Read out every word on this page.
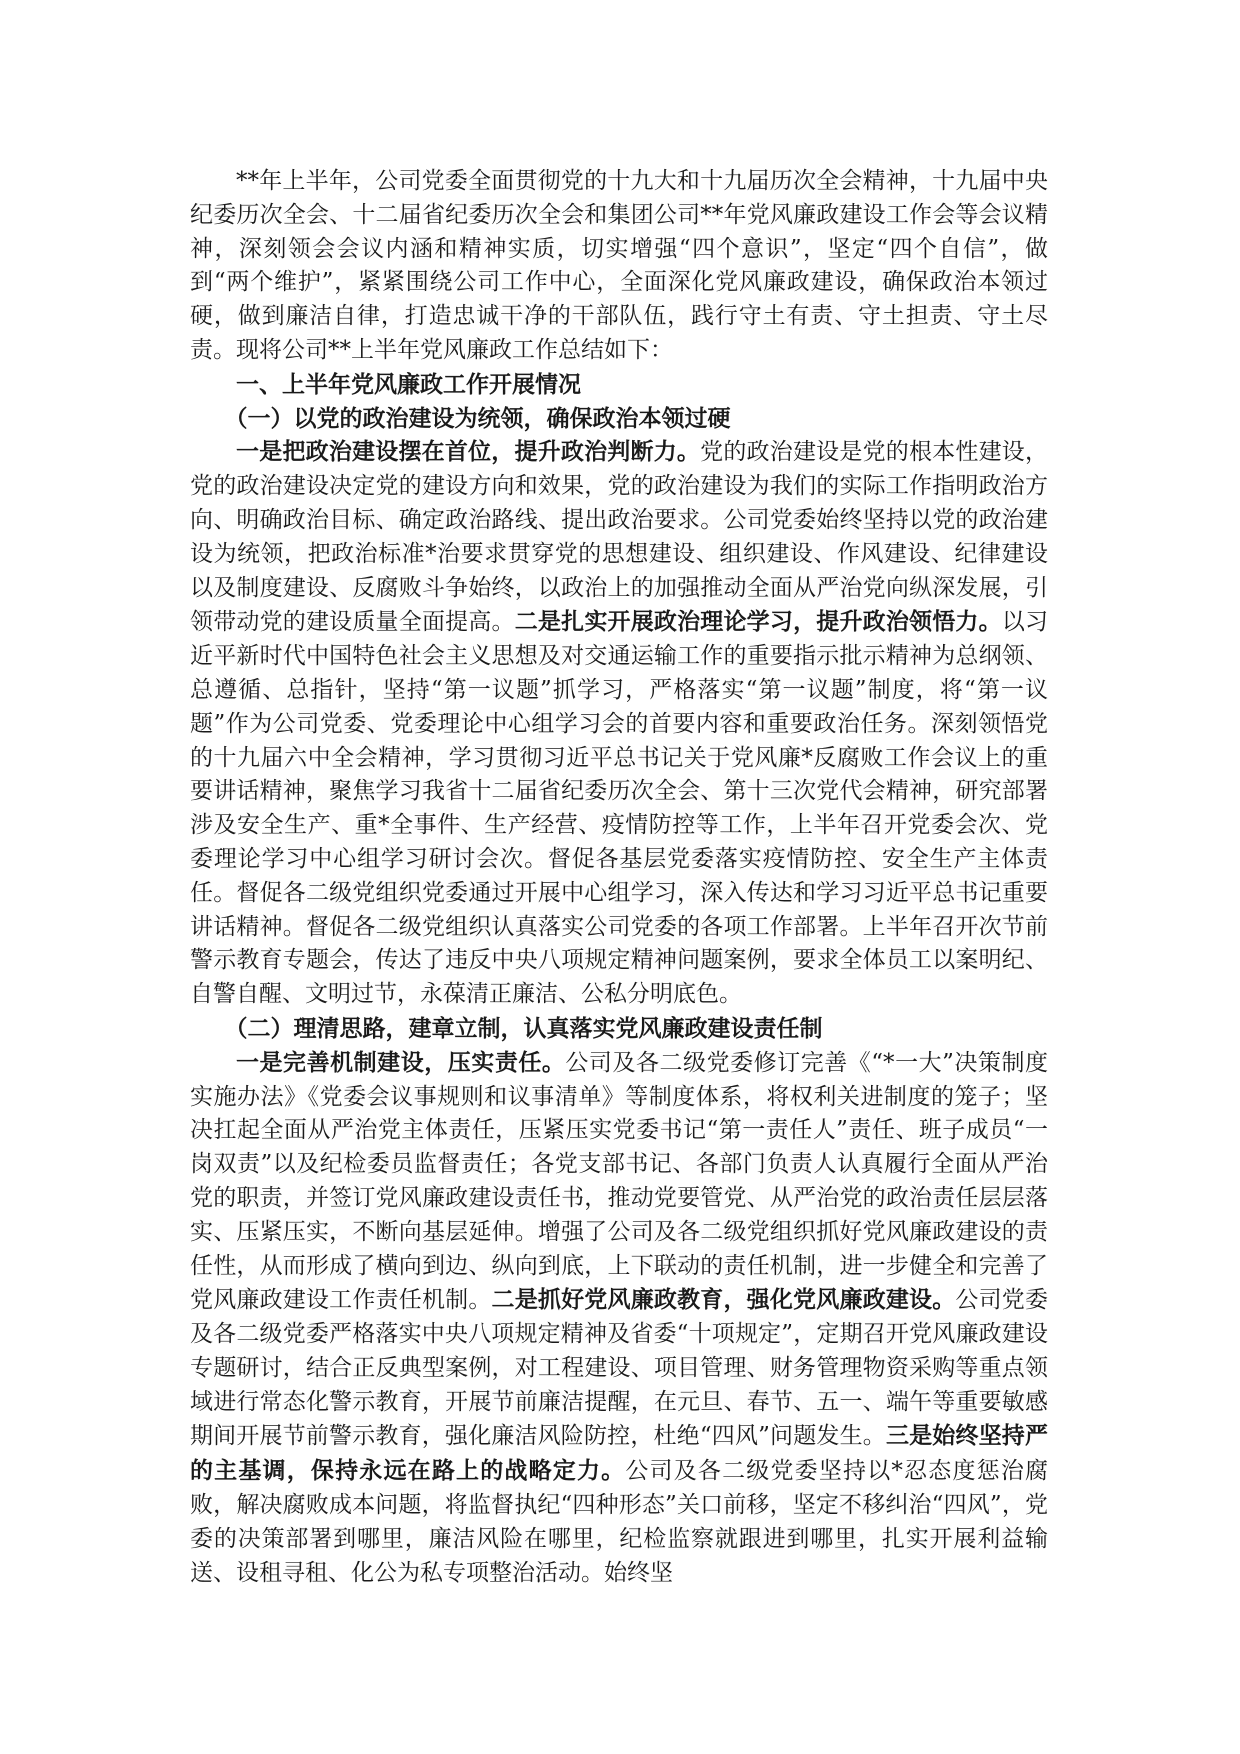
**年上半年，公司党委全面贯彻党的十九大和十九届历次全会精神，十九届中央纪委历次全会、十二届省纪委历次全会和集团公司**年党风廉政建设工作会等会议精神，深刻领会会议内涵和精神实质，切实增强“四个意识”，坚定“四个自信”，做到“两个维护”，紧紧围绕公司工作中心，全面深化党风廉政建设，确保政治本领过硬，做到廉洁自律，打造忠诚干净的干部队伍，践行守土有责、守土担责、守土尽责。现将公司**上半年党风廉政工作总结如下：

一、上半年党风廉政工作开展情况
（一）以党的政治建设为统领，确保政治本领过硬

一是把政治建设摆在首位，提升政治判断力。党的政治建设是党的根本性建设，党的政治建设决定党的建设方向和效果，党的政治建设为我们的实际工作指明政治方向、明确政治目标、确定政治路线、提出政治要求。公司党委始终坚持以党的政治建设为统领，把政治标准*治要求贯穿党的思想建设、组织建设、作风建设、纪律建设以及制度建设、反腐败斗争始终，以政治上的加强推动全面从严治党向纵深发展，引领带动党的建设质量全面提高。二是扎实开展政治理论学习，提升政治领悟力。以习近平新时代中国特色社会主义思想及对交通运输工作的重要指示批示精神为总纲领、总遵循、总指针，坚持“第一议题”抓学习，严格落实“第一议题”制度，将“第一议题”作为公司党委、党委理论中心组学习会的首要内容和重要政治任务。深刻领悟党的十九届六中全会精神，学习贯彻习近平总书记关于党风廉*反腐败工作会议上的重要讲话精神，聚焦学习我省十二届省纪委历次全会、第十三次党代会精神，研究部署涉及安全生产、重*全事件、生产经营、疫情防控等工作，上半年召开党委会次、党委理论学习中心组学习研讨会次。督促各基层党委落实疫情防控、安全生产主体责任。督促各二级党组织党委通过开展中心组学习，深入传达和学习习近平总书记重要讲话精神。督促各二级党组织认真落实公司党委的各项工作部署。上半年召开次节前警示教育专题会，传达了违反中央八项规定精神问题案例，要求全体员工以案明纪、自警自醒、文明过节，永葆清正廉洁、公私分明底色。

（二）理清思路，建章立制，认真落实党风廉政建设责任制

一是完善机制建设，压实责任。公司及各二级党委修订完善《“*一大”决策制度实施办法》《党委会议事规则和议事清单》等制度体系，将权利关进制度的笼子；坚决扛起全面从严治党主体责任，压紧压实党委书记“第一责任人”责任、班子成员“一岗双责”以及纪检委员监督责任；各党支部书记、各部门负责人认真履行全面从严治党的职责，并签订党风廉政建设责任书，推动党要管党、从严治党的政治责任层层落实、压紧压实，不断向基层延伸。增强了公司及各二级党组织抓好党风廉政建设的责任性，从而形成了横向到边、纵向到底，上下联动的责任机制，进一步健全和完善了党风廉政建设工作责任机制。二是抓好党风廉政教育，强化党风廉政建设。公司党委及各二级党委严格落实中央八项规定精神及省委“十项规定”，定期召开党风廉政建设专题研讨，结合正反典型案例，对工程建设、项目管理、财务管理物资采购等重点领域进行常态化警示教育，开展节前廉洁提醒，在元旦、春节、五一、端午等重要敏感期间开展节前警示教育，强化廉洁风险防控，杜绝“四风”问题发生。三是始终坚持严的主基调，保持永远在路上的战略定力。公司及各二级党委坚持以*忍态度惩治腐败，解决腐败成本问题，将监督执纪“四种形态”关口前移，坚定不移纠治“四风”，党委的决策部署到哪里，廉洁风险在哪里，纪检监察就跟进到哪里，扎实开展利益输送、设租寻租、化公为私专项整治活动。始终坚
